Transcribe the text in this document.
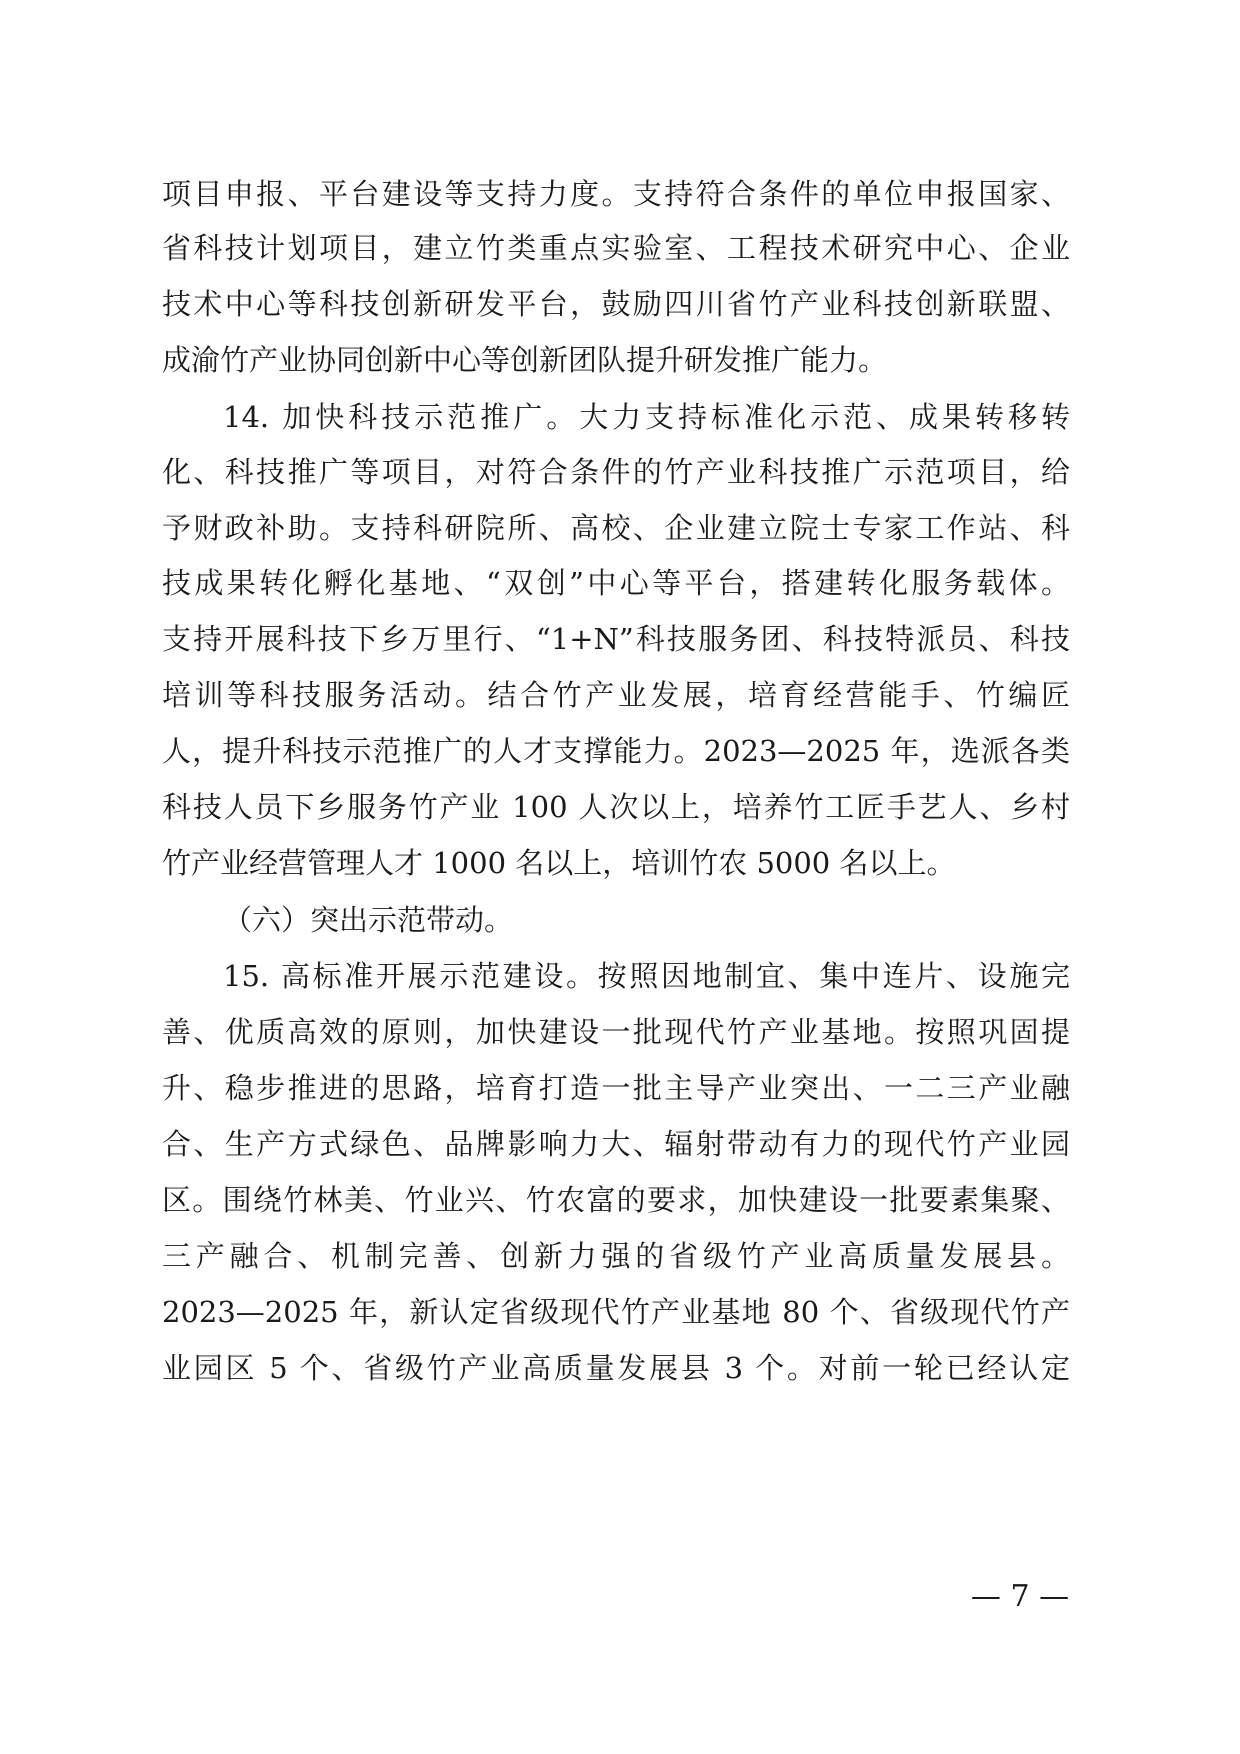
项目申报、平台建设等支持力度。支持符合条件的单位申报国家、
省科技计划项目，建立竹类重点实验室、工程技术研究中心、企业
技术中心等科技创新研发平台，鼓励四川省竹产业科技创新联盟、
成渝竹产业协同创新中心等创新团队提升研发推广能力。
14. 加快科技示范推广。大力支持标准化示范、成果转移转
化、科技推广等项目，对符合条件的竹产业科技推广示范项目，给
予财政补助。支持科研院所、高校、企业建立院士专家工作站、科
技成果转化孵化基地、“双创”中心等平台，搭建转化服务载体。
支持开展科技下乡万里行、“1+N”科技服务团、科技特派员、科技
培训等科技服务活动。结合竹产业发展，培育经营能手、竹编匠
人，提升科技示范推广的人才支撑能力。2023—2025 年，选派各类
科技人员下乡服务竹产业 100 人次以上，培养竹工匠手艺人、乡村
竹产业经营管理人才 1000 名以上，培训竹农 5000 名以上。
（六）突出示范带动。
15. 高标准开展示范建设。按照因地制宜、集中连片、设施完
善、优质高效的原则，加快建设一批现代竹产业基地。按照巩固提
升、稳步推进的思路，培育打造一批主导产业突出、一二三产业融
合、生产方式绿色、品牌影响力大、辐射带动有力的现代竹产业园
区。围绕竹林美、竹业兴、竹农富的要求，加快建设一批要素集聚、
三产融合、机制完善、创新力强的省级竹产业高质量发展县。
2023—2025 年，新认定省级现代竹产业基地 80 个、省级现代竹产
业园区 5 个、省级竹产业高质量发展县 3 个。对前一轮已经认定
— 7 —
